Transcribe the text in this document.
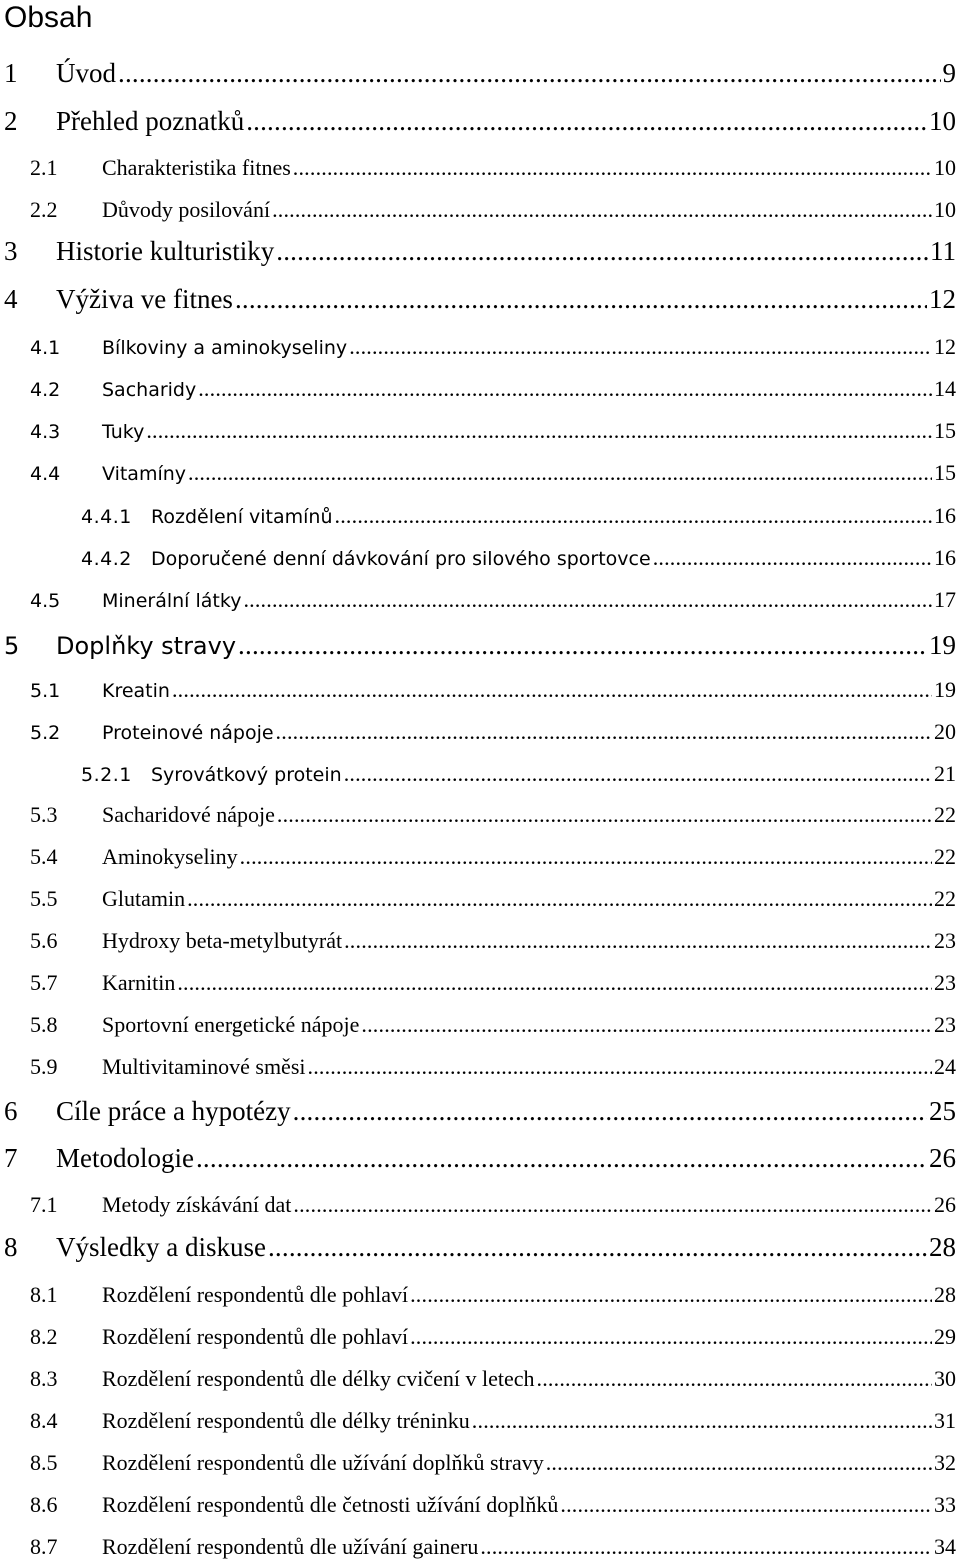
Obsah
1	Úvod .....	9
2	Přehled poznatků .....	10
2.1	Charakteristika fitnes .....	10
2.2	Důvody posilování .....	10
3	Historie kulturistiky .....	11
4	Výživa ve fitnes .....	12
4.1	Bílkoviny a aminokyseliny .....	12
4.2	Sacharidy .....	14
4.3	Tuky .....	15
4.4	Vitamíny .....	15
4.4.1	Rozdělení vitamínů .....	16
4.4.2	Doporučené denní dávkování pro silového sportovce .....	16
4.5	Minerální látky .....	17
5	Doplňky stravy .....	19
5.1	Kreatin .....	19
5.2	Proteinové nápoje .....	20
5.2.1	Syrovátkový protein .....	21
5.3	Sacharidové nápoje .....	22
5.4	Aminokyseliny .....	22
5.5	Glutamin .....	22
5.6	Hydroxy beta-metylbutyrát .....	23
5.7	Karnitin .....	23
5.8	Sportovní energetické nápoje .....	23
5.9	Multivitaminové směsi .....	24
6	Cíle práce a hypotézy .....	25
7	Metodologie .....	26
7.1	Metody získávání dat .....	26
8	Výsledky a diskuse .....	28
8.1	Rozdělení respondentů dle pohlaví .....	28
8.2	Rozdělení respondentů dle pohlaví .....	29
8.3	Rozdělení respondentů dle délky cvičení v letech .....	30
8.4	Rozdělení respondentů dle délky tréninku .....	31
8.5	Rozdělení respondentů dle užívání doplňků stravy .....	32
8.6	Rozdělení respondentů dle četnosti užívání doplňků .....	33
8.7	Rozdělení respondentů dle užívání gaineru .....	34
